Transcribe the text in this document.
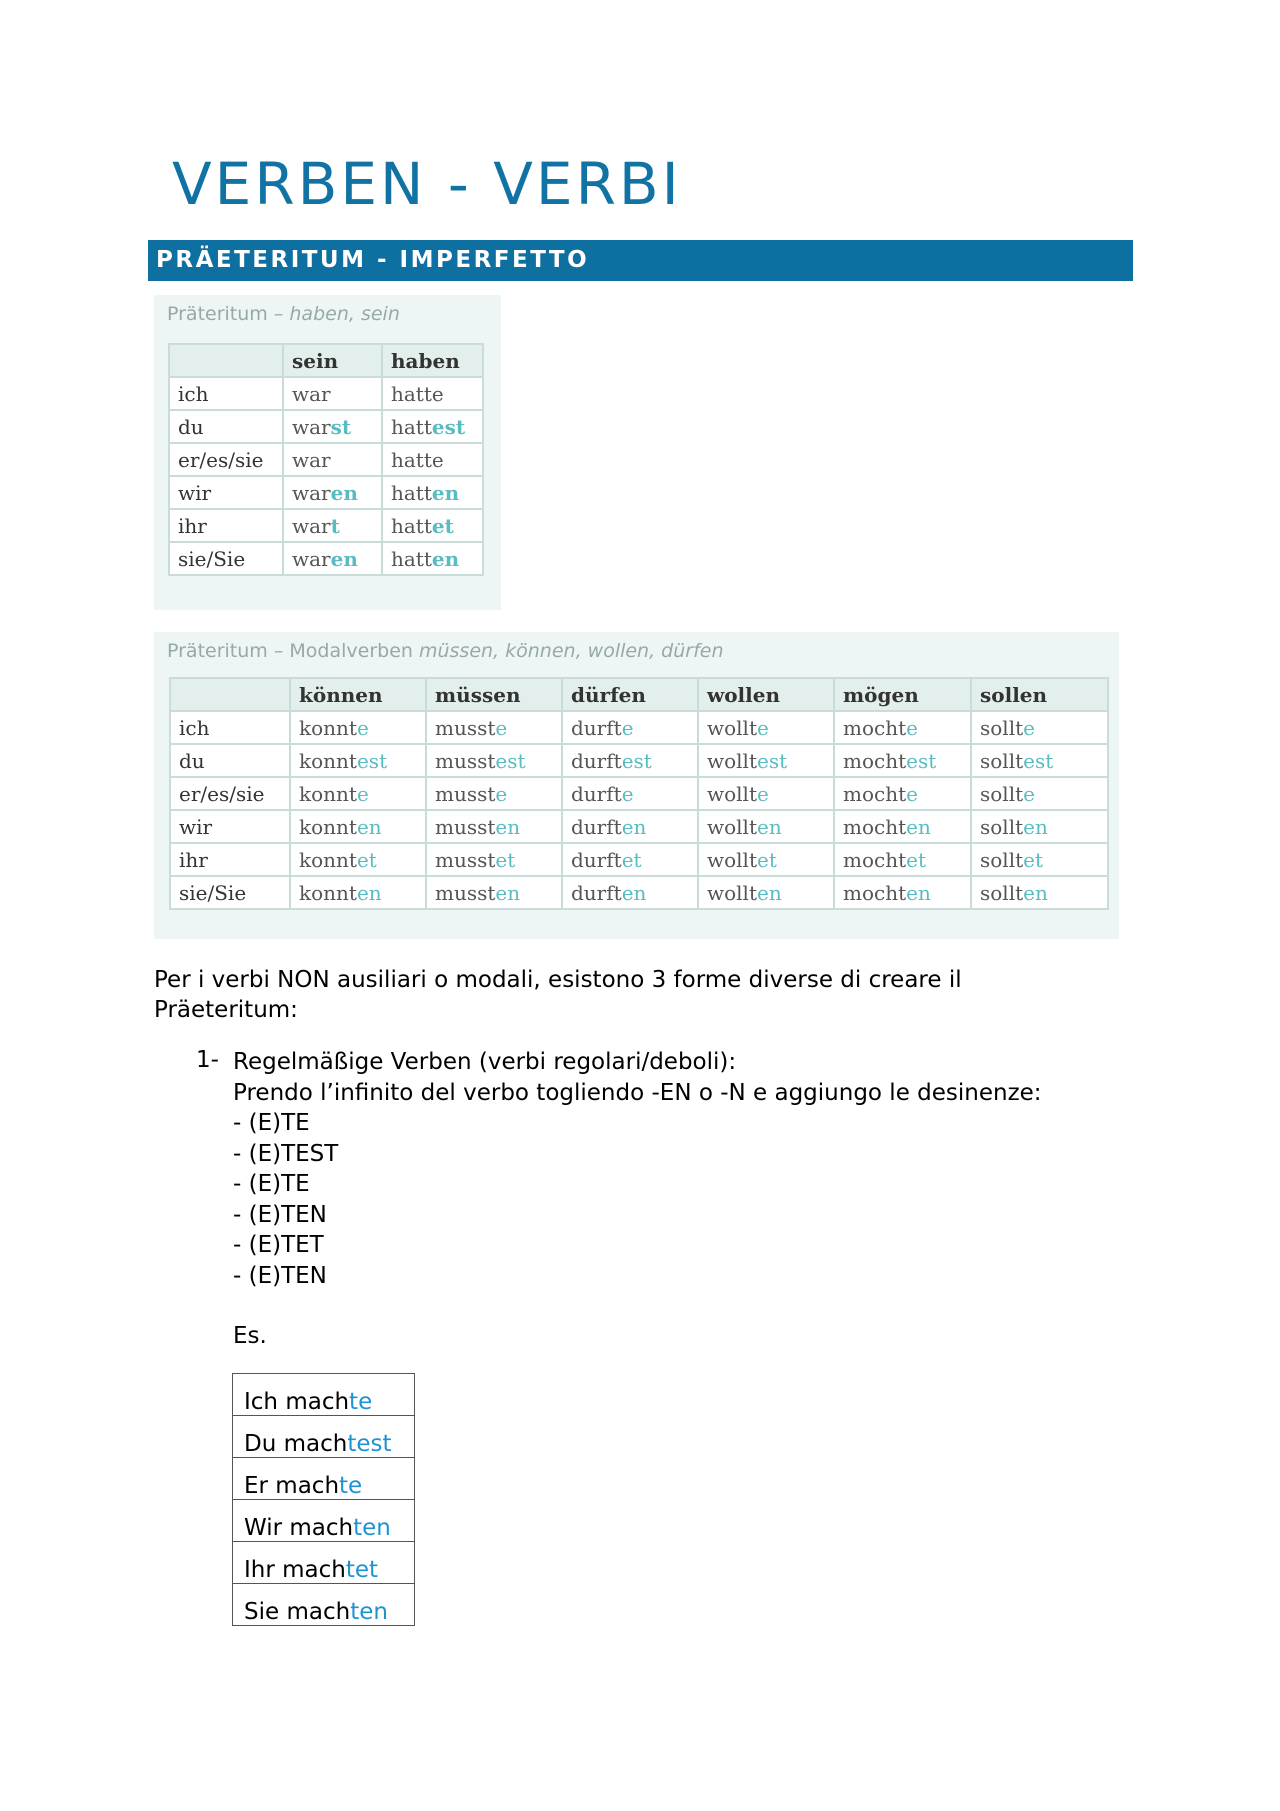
VERBEN - VERBI
PRÄETERITUM - IMPERFETTO
Präteritum – haben, sein
	sein	haben
ich	war	hatte
du	warst	hattest
er/es/sie	war	hatte
wir	waren	hatten
ihr	wart	hattet
sie/Sie	waren	hatten
Präteritum – Modalverben müssen, können, wollen, dürfen
	können	müssen	dürfen	wollen	mögen	sollen
ich	konnte	musste	durfte	wollte	mochte	sollte
du	konntest	musstest	durftest	wolltest	mochtest	solltest
er/es/sie	konnte	musste	durfte	wollte	mochte	sollte
wir	konnten	mussten	durften	wollten	mochten	sollten
ihr	konntet	musstet	durftet	wolltet	mochtet	solltet
sie/Sie	konnten	mussten	durften	wollten	mochten	sollten
Per i verbi NON ausiliari o modali, esistono 3 forme diverse di creare il
Präeteritum:
1- Regelmäßige Verben (verbi regolari/deboli):
Prendo l’infinito del verbo togliendo -EN o -N e aggiungo le desinenze:
- (E)TE
- (E)TEST
- (E)TE
- (E)TEN
- (E)TET
- (E)TEN
Es.
Ich machte
Du machtest
Er machte
Wir machten
Ihr machtet
Sie machten
